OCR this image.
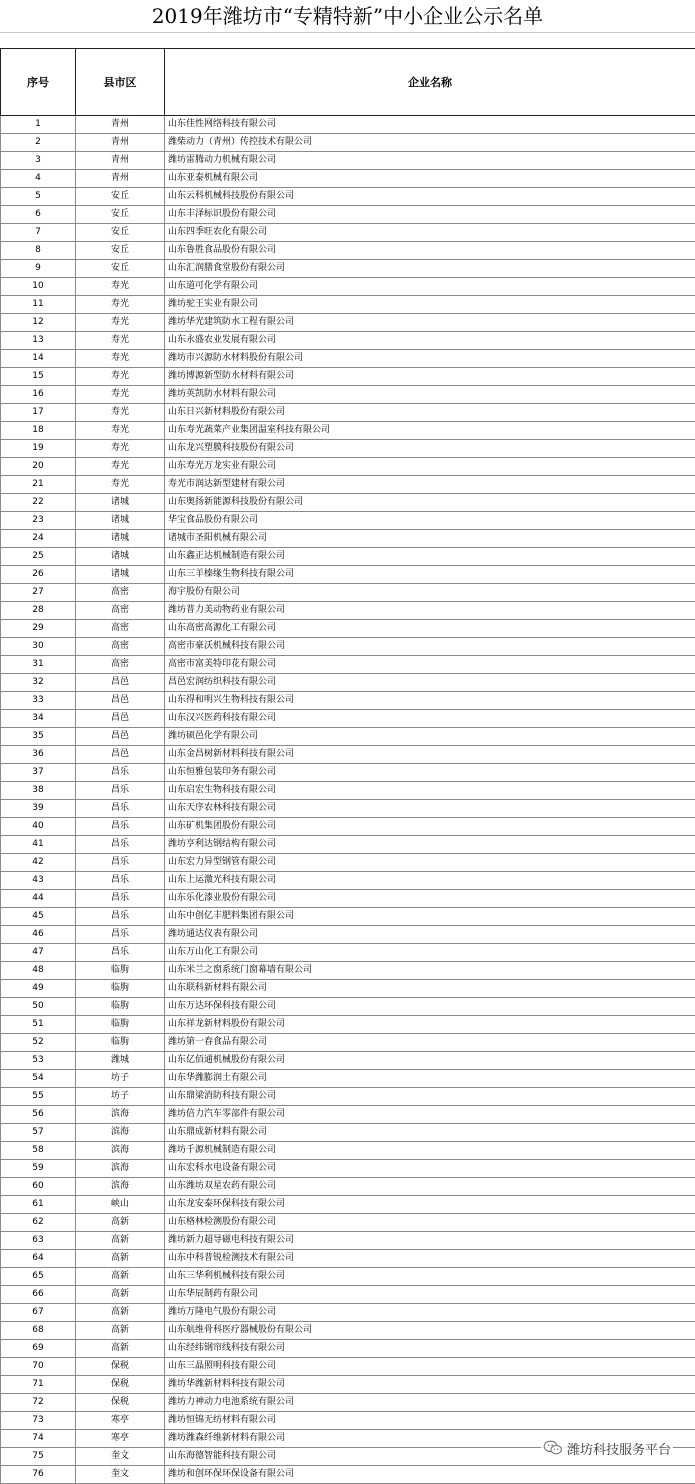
2019年潍坊市“专精特新”中小企业公示名单
序号	县市区	企业名称
1	青州	山东佳性网络科技有限公司
2	青州	潍柴动力（青州）传控技术有限公司
3	青州	潍坊雷腾动力机械有限公司
4	青州	山东亚泰机械有限公司
5	安丘	山东云科机械科技股份有限公司
6	安丘	山东丰泽标识股份有限公司
7	安丘	山东四季旺农化有限公司
8	安丘	山东鲁胜食品股份有限公司
9	安丘	山东汇润膳食堂股份有限公司
10	寿光	山东道可化学有限公司
11	寿光	潍坊驼王实业有限公司
12	寿光	潍坊华光建筑防水工程有限公司
13	寿光	山东永盛农业发展有限公司
14	寿光	潍坊市兴源防水材料股份有限公司
15	寿光	潍坊博源新型防水材料有限公司
16	寿光	潍坊英凯防水材料有限公司
17	寿光	山东日兴新材料股份有限公司
18	寿光	山东寿光蔬菜产业集团温室科技有限公司
19	寿光	山东龙兴塑膜科技股份有限公司
20	寿光	山东寿光万龙实业有限公司
21	寿光	寿光市润达新型建材有限公司
22	诸城	山东奥扬新能源科技股份有限公司
23	诸城	华宝食品股份有限公司
24	诸城	诸城市圣阳机械有限公司
25	诸城	山东鑫正达机械制造有限公司
26	诸城	山东三羊榛缘生物科技有限公司
27	高密	海宇股份有限公司
28	高密	潍坊普力美动物药业有限公司
29	高密	山东高密高源化工有限公司
30	高密	高密市豪沃机械科技有限公司
31	高密	高密市富美特印花有限公司
32	昌邑	昌邑宏润纺织科技有限公司
33	昌邑	山东得和明兴生物科技有限公司
34	昌邑	山东汉兴医药科技有限公司
35	昌邑	潍坊硕邑化学有限公司
36	昌邑	山东金昌树新材料科技有限公司
37	昌乐	山东恒雅包装印务有限公司
38	昌乐	山东启宏生物科技有限公司
39	昌乐	山东天序农林科技有限公司
40	昌乐	山东矿机集团股份有限公司
41	昌乐	潍坊亨利达钢结构有限公司
42	昌乐	山东宏力异型钢管有限公司
43	昌乐	山东上运激光科技有限公司
44	昌乐	山东乐化漆业股份有限公司
45	昌乐	山东中创亿丰肥料集团有限公司
46	昌乐	潍坊通达仪表有限公司
47	昌乐	山东万山化工有限公司
48	临朐	山东米兰之窗系统门窗幕墙有限公司
49	临朐	山东联科新材料有限公司
50	临朐	山东万达环保科技有限公司
51	临朐	山东祥龙新材料股份有限公司
52	临朐	潍坊第一春食品有限公司
53	潍城	山东亿佰通机械股份有限公司
54	坊子	山东华潍膨润土有限公司
55	坊子	山东鼎梁消防科技有限公司
56	滨海	潍坊倍力汽车零部件有限公司
57	滨海	山东鼎成新材料有限公司
58	滨海	潍坊千源机械制造有限公司
59	滨海	山东宏科水电设备有限公司
60	滨海	山东潍坊双星农药有限公司
61	峡山	山东龙安泰环保科技有限公司
62	高新	山东格林检测股份有限公司
63	高新	潍坊新力超导磁电科技有限公司
64	高新	山东中科普锐检测技术有限公司
65	高新	山东三华利机械科技有限公司
66	高新	山东华辰制药有限公司
67	高新	潍坊万隆电气股份有限公司
68	高新	山东航维骨科医疗器械股份有限公司
69	高新	山东经纬钢帘线科技有限公司
70	保税	山东三晶照明科技有限公司
71	保税	潍坊华潍新材料科技有限公司
72	保税	潍坊力神动力电池系统有限公司
73	寒亭	潍坊恒锦无纺材料有限公司
74	寒亭	潍坊潍森纤维新材料有限公司
75	奎文	山东海德智能科技有限公司
76	奎文	潍坊和创环保环保设备有限公司
潍坊科技服务平台
